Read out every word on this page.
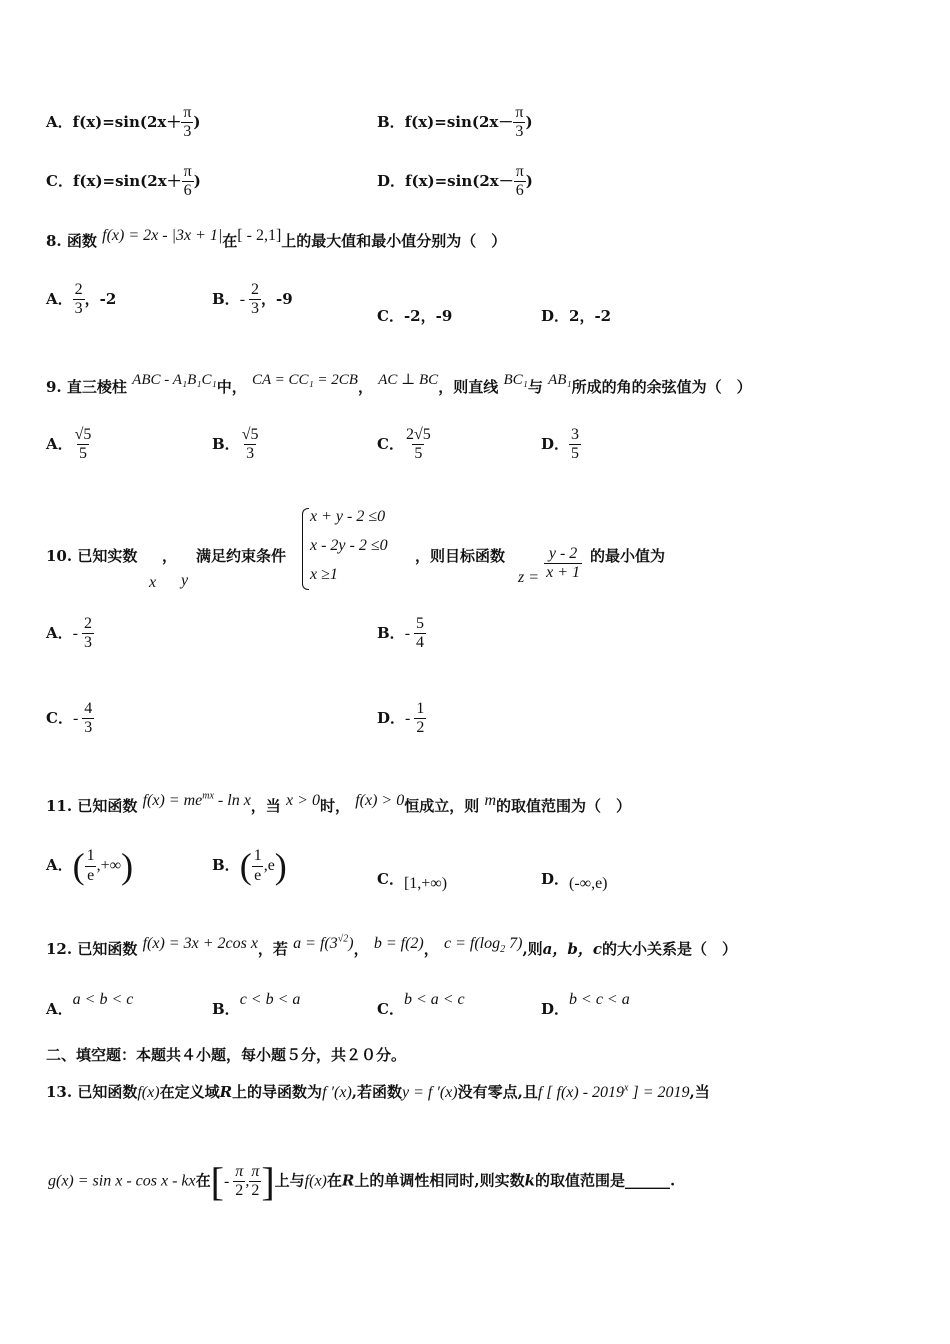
A．$f(x)=\sin(2x+ \frac{\pi}{3}$ )	B．$f(x)=\sin(2x- \frac{\pi}{3}$ )
C．$f(x)=\sin(2x+ \frac{\pi}{6}$ )	D．$f(x)=\sin(2x- \frac{\pi}{6}$ )
8. 函数 f(x) = 2x - |3x + 1|在[ - 2,1]上的最大值和最小值分别为（　）
A． $\frac{2}{3}$ ，-2	B．- $\frac{2}{3}$ ，-9
C．-2，-9	D．2，-2
9. 直三棱柱 ABC - A₁B₁C₁中， CA = CC₁ = 2CB， AC ⊥ BC，则直线 BC₁与 AB₁所成的角的余弦值为（　）
A． $\frac{√5}{5}$	B． $\frac{√5}{3}$	C． $\frac{2√5}{5}$	D． $\frac{3}{5}$
10. 已知实数 ， 满足约束条件
x y
x + y - 2 ≤0
x - 2y - 2 ≤0
x ≥1
，则目标函数
$z = \frac{y - 2}{x + 1}$ 的最小值为
A．- $\frac{2}{3}$	B．- $\frac{5}{4}$
C．- $\frac{4}{3}$	D．- $\frac{1}{2}$
11. 已知函数 $f(x) = me^{mx} - \ln x$，当 x > 0时， f(x) > 0恒成立，则 m的取值范围为（　）
A．( $\frac{1}{e}$ ,+∞)	B．( $\frac{1}{e} ,e$)	C．[1,+∞)	D．(-∞,e)
12. 已知函数 f(x) = 3x + 2cos x，若 $a = f(3^{√2})$， b = f(2)， $c = f(\log_2$ 7),则a，b，c的大小关系是（　）
A．a < b < c
B．c < b < a
C．b < a < c
D．b < c < a
二、填空题：本题共４小题，每小题５分，共２０分。
13. 已知函数f(x)在定义域R上的导函数为f ′(x),若函数y = f ′(x)没有零点,且f [ f(x) - 2019$^x$ ] = 2019,当
g(x) = sin x - cos x - kx在[- $\frac{\pi}{2}$ , $\frac{\pi}{2}$ ]上与f(x)在R上的单调性相同时,则实数k的取值范围是______.
